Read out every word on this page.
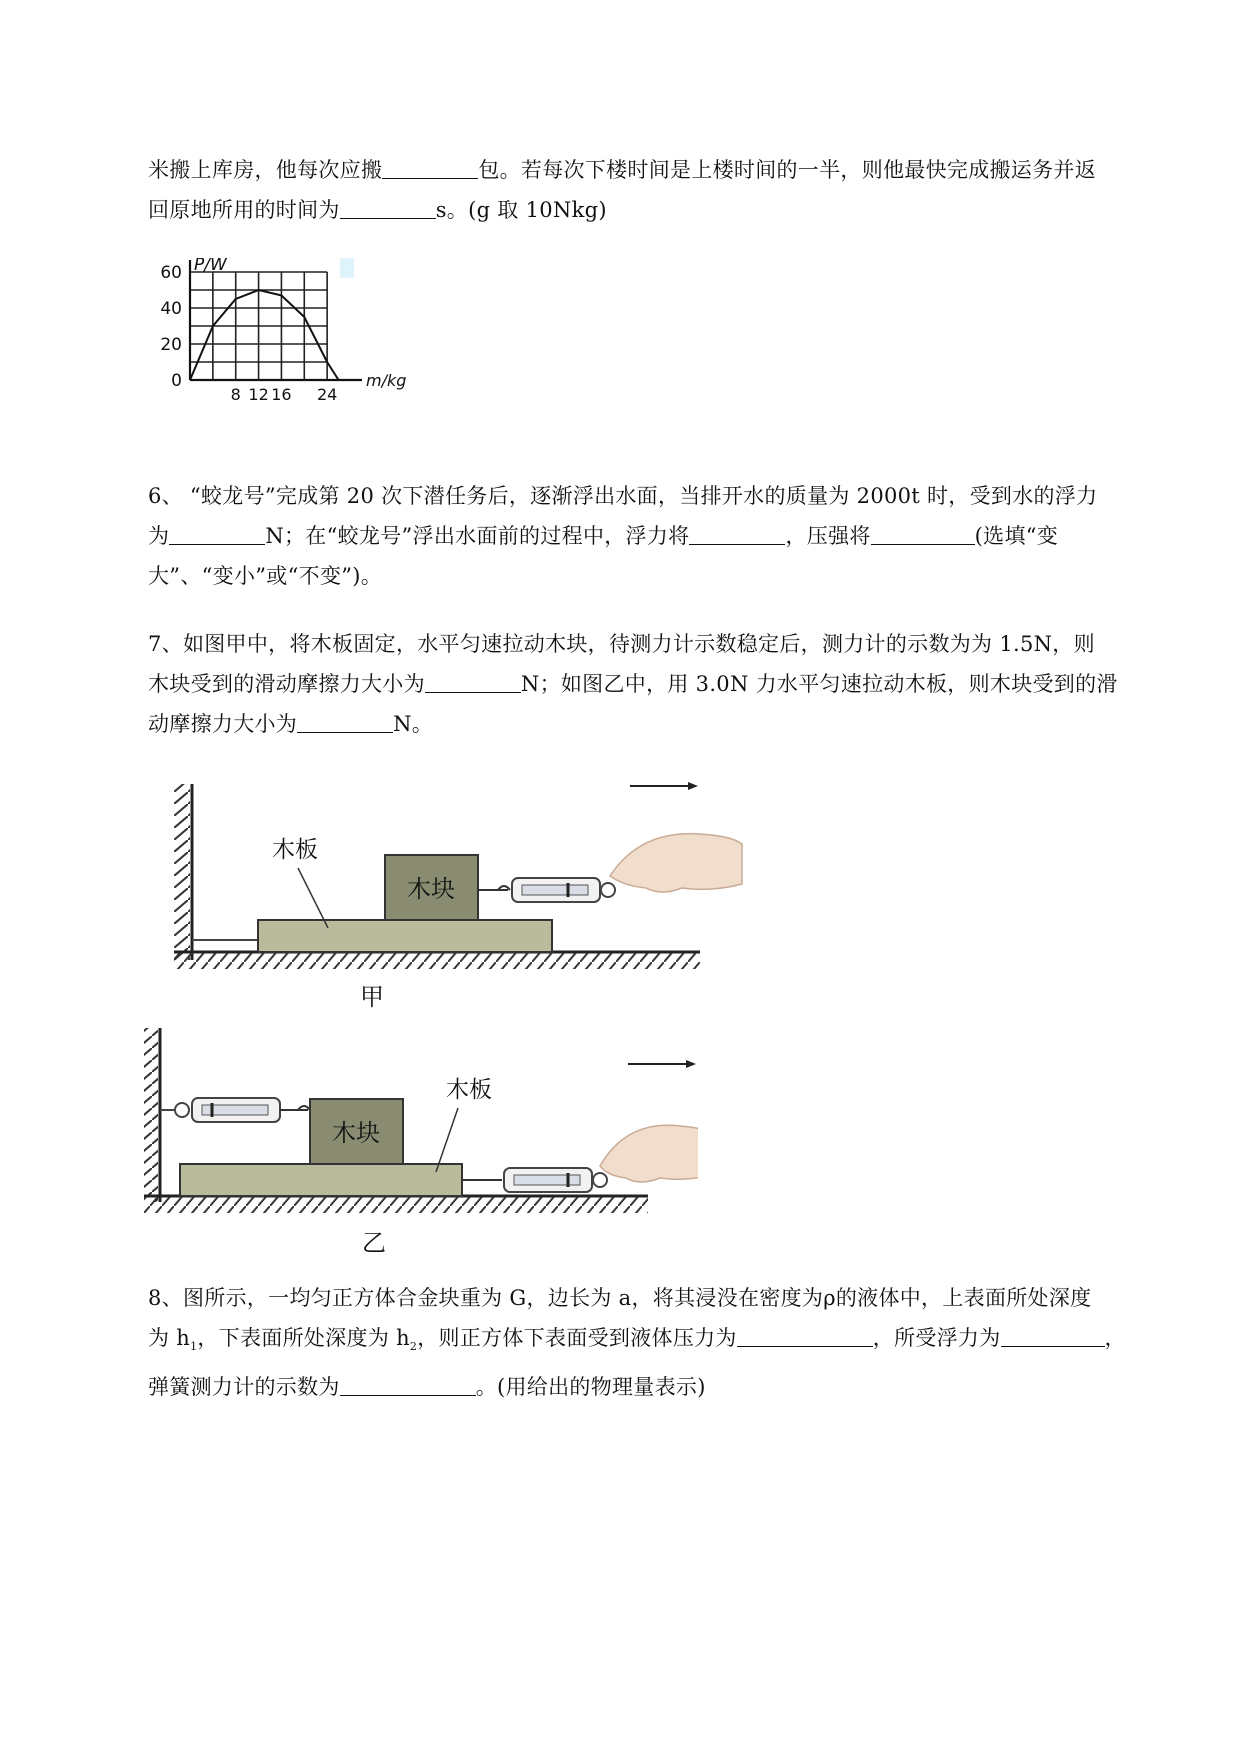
米搬上库房，他每次应搬	包。若每次下楼时间是上楼时间的一半，则他最快完成搬运务并返
回原地所用的时间为	s。(g 取 10Nkg)
60
40
20
0
8 12 16 24
P/W
m/kg
6、 “蛟龙号”完成第 20 次下潜任务后，逐渐浮出水面，当排开水的质量为 2000t 时，受到水的浮力
为	N；在“蛟龙号”浮出水面前的过程中，浮力将	，压强将	(选填“变
大”、“变小”或“不变”)。
7、如图甲中，将木板固定，水平匀速拉动木块，待测力计示数稳定后，测力计的示数为为 1.5N，则
木块受到的滑动摩擦力大小为	N；如图乙中，用 3.0N 力水平匀速拉动木板，则木块受到的滑
动摩擦力大小为	N。
木块
木板
甲
木块
木板
乙
8、图所示，一均匀正方体合金块重为 G，边长为 a，将其浸没在密度为ρ的液体中，上表面所处深度
为 $h_1$，下表面所处深度为 $h_2$，则正方体下表面受到液体压力为	，所受浮力为	，
弹簧测力计的示数为	。(用给出的物理量表示)
